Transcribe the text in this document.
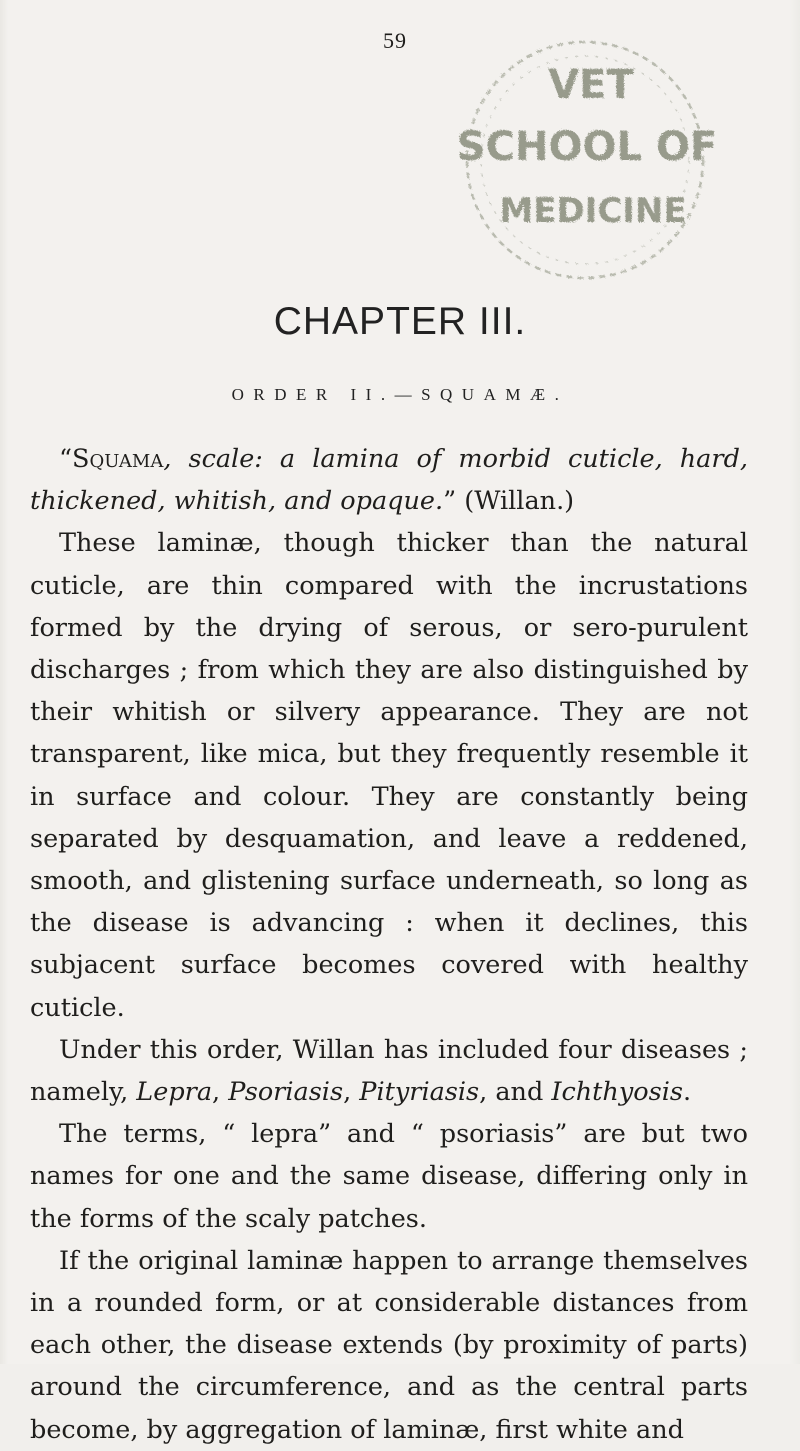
59
VET
SCHOOL OF
MEDICINE
CHAPTER III.
ORDER II.—SQUAMÆ.

“Squama, scale: a lamina of morbid cuticle, hard, thickened, whitish, and opaque.” (Willan.)

These laminæ, though thicker than the natural cuticle, are thin compared with the incrustations formed by the drying of serous, or sero-purulent discharges ; from which they are also distinguished by their whitish or silvery appearance. They are not transparent, like mica, but they frequently resemble it in surface and colour. They are constantly being separated by desquamation, and leave a reddened, smooth, and glistening surface underneath, so long as the disease is advancing : when it declines, this subjacent surface becomes covered with healthy cuticle.

Under this order, Willan has included four diseases ; namely, Lepra, Psoriasis, Pityriasis, and Ichthyosis.

The terms, “ lepra” and “ psoriasis” are but two names for one and the same disease, differing only in the forms of the scaly patches.

If the original laminæ happen to arrange themselves in a rounded form, or at considerable distances from each other, the disease extends (by proximity of parts) around the circumference, and as the central parts become, by aggregation of laminæ, first white and
